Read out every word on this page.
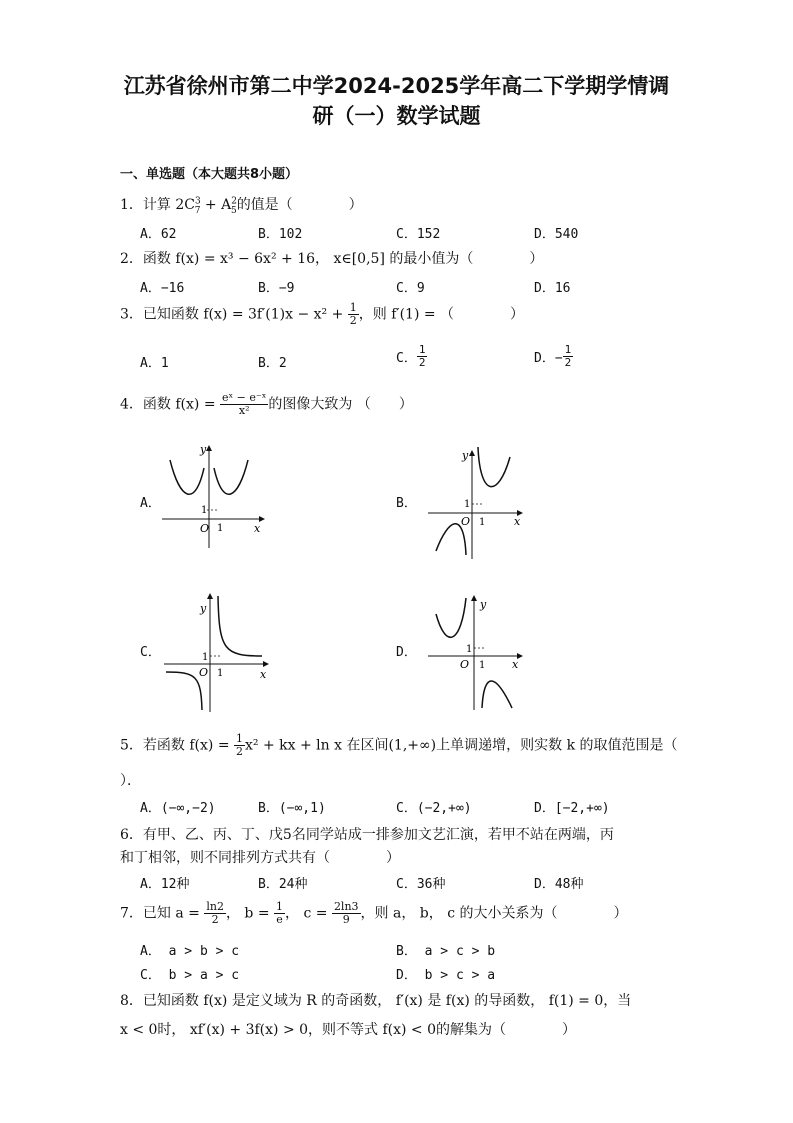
江苏省徐州市第二中学2024-2025学年高二下学期学情调
研（一）数学试题
一、单选题（本大题共8小题）
1．计算 $2C^3_7 + A^2_5$的值是（　　　　）
A．62	B．102	C．152	D．540
2．函数 f(x) = x³ − 6x² + 16， x∈[0,5] 的最小值为（　　　　）
A．−16	B．−9	C．9	D．16
3．已知函数 $f(x) = 3f'(1)x - x^2 + \frac{1}{2}$ ，则 f′(1) = （　　　　）
A．1	B．2	C． $\frac{1}{2}$	D．− $\frac{1}{2}$
4．函数 $f(x) = \frac{\text{eˣ − e⁻ˣ}}{\text{x²}}$ 的图像大致为 （　　）
A．	B．
C．	D．
x
y
O 1
1
x
y
O 1
1
x
y
O 1
1
x
y
O 1
1
5．若函数 $f(x) = \frac{1}{2} x^2$ + kx + ln x 在区间(1,+∞)上单调递增，则实数 k 的取值范围是（
）．
A．(−∞,−2)	B．(−∞,1)	C．(−2,+∞)	D．[−2,+∞)
6．有甲、乙、丙、丁、戊5名同学站成一排参加文艺汇演，若甲不站在两端，丙
和丁相邻，则不同排列方式共有（　　　　）
A．12种	B．24种	C．36种	D．48种
7．已知 $a = \frac{\ln 2}{2}$ ， $b = \frac{1}{e}$ ， $c = \frac{2\ln 3}{9}$ ，则 a， b， c 的大小关系为（　　　　）
A． a > b > c	B． a > c > b
C． b > a > c	D． b > c > a
8．已知函数 f(x) 是定义域为 R 的奇函数， f′(x) 是 f(x) 的导函数， f(1) = 0，当
x < 0时， xf′(x) + 3f(x) > 0，则不等式 f(x) < 0的解集为（　　　　）
